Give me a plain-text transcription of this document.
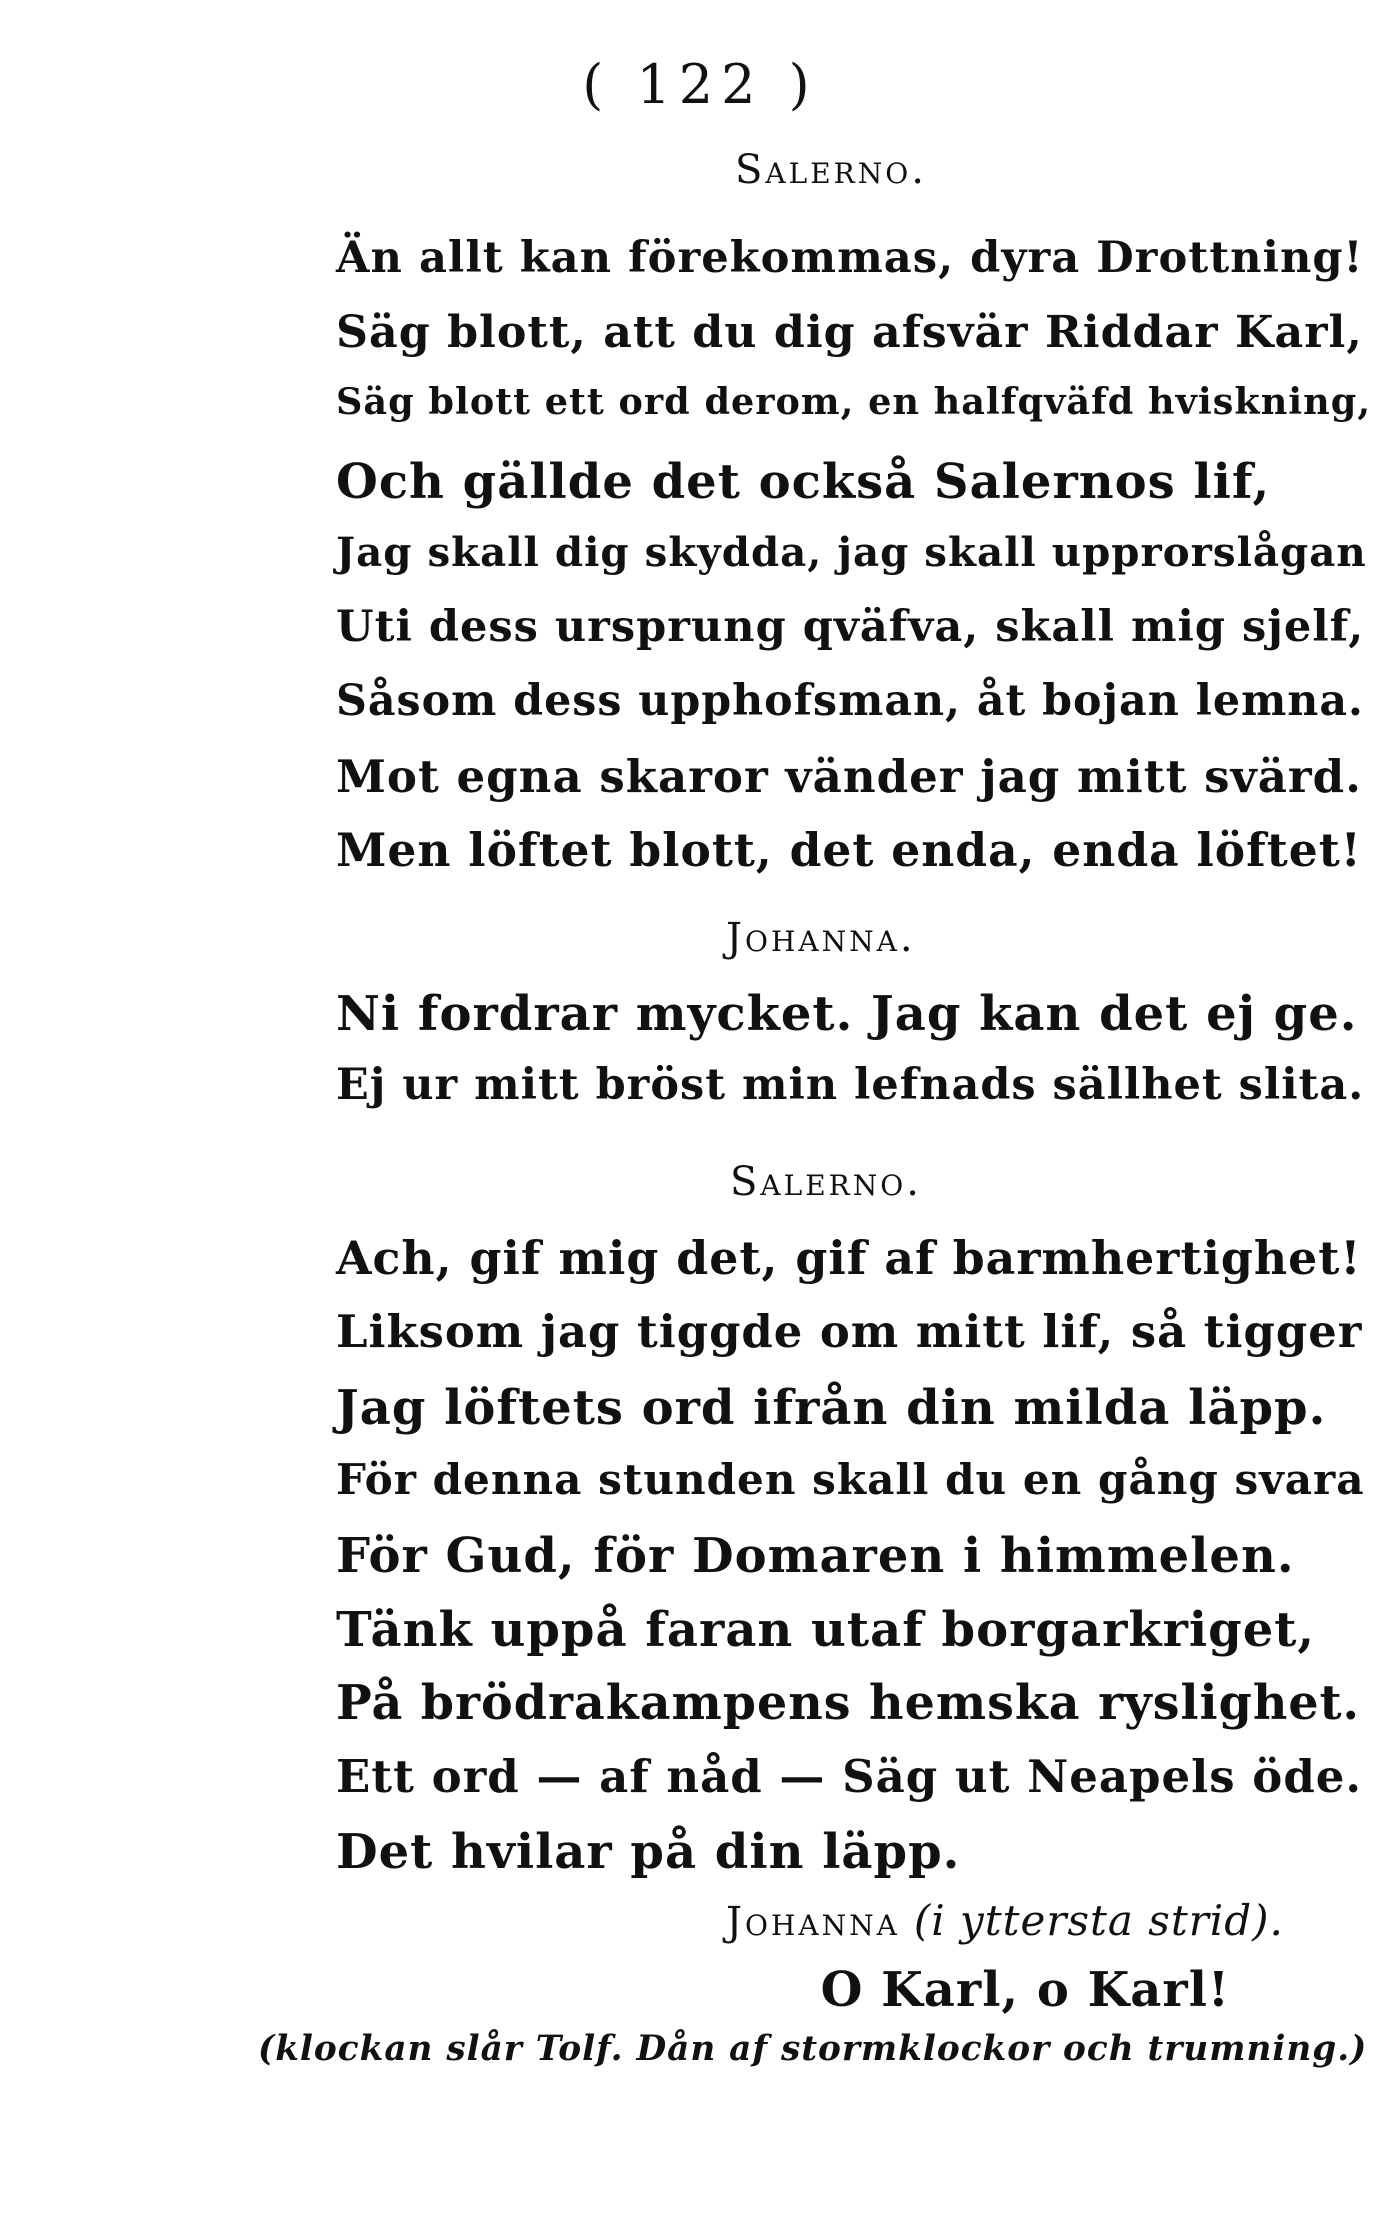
( 122 )
Salerno.
Än allt kan förekommas, dyra Drottning!
Säg blott, att du dig afsvär Riddar Karl,
Säg blott ett ord derom, en halfqväfd hviskning,
Och gällde det också Salernos lif,
Jag skall dig skydda, jag skall upprorslågan
Uti dess ursprung qväfva, skall mig sjelf,
Såsom dess upphofsman, åt bojan lemna.
Mot egna skaror vänder jag mitt svärd.
Men löftet blott, det enda, enda löftet!
Johanna.
Ni fordrar mycket. Jag kan det ej ge.
Ej ur mitt bröst min lefnads sällhet slita.
Salerno.
Ach, gif mig det, gif af barmhertighet!
Liksom jag tiggde om mitt lif, så tigger
Jag löftets ord ifrån din milda läpp.
För denna stunden skall du en gång svara
För Gud, för Domaren i himmelen.
Tänk uppå faran utaf borgarkriget,
På brödrakampens hemska ryslighet.
Ett ord — af nåd — Säg ut Neapels öde.
Det hvilar på din läpp.
Johanna (i yttersta strid).
O Karl, o Karl!
(klockan slår Tolf. Dån af stormklockor och trumning.)
